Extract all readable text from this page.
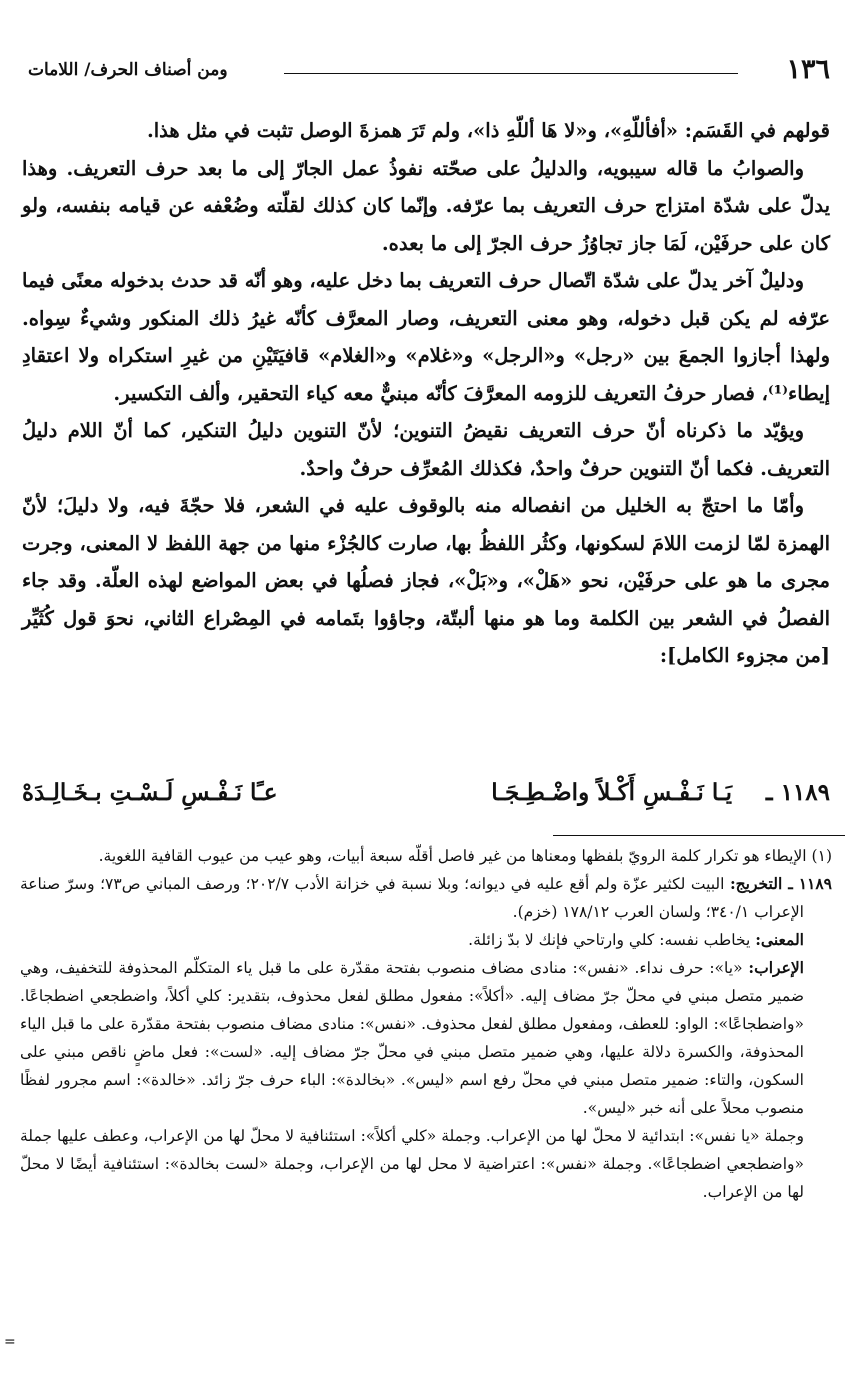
١٣٦
ومن أصناف الحرف/ اللامات

قولهم في القَسَم: «أفأللّهِ»، و«لا هَا أللّهِ ذا»، ولم تَرَ همزةَ الوصل تثبت في مثل هذا.

والصوابُ ما قاله سيبويه، والدليلُ على صحّته نفوذُ عمل الجارّ إلى ما بعد حرف التعريف. وهذا يدلّ على شدّة امتزاج حرف التعريف بما عرّفه. وإنّما كان كذلك لقلّته وضُعْفه عن قيامه بنفسه، ولو كان على حرفَيْن، لَمَا جاز تجاوُزُ حرف الجرّ إلى ما بعده.

ودليلٌ آخر يدلّ على شدّة اتّصال حرف التعريف بما دخل عليه، وهو أنّه قد حدث بدخوله معنًى فيما عرّفه لم يكن قبل دخوله، وهو معنى التعريف، وصار المعرَّف كأنّه غيرُ ذلك المنكور وشيءٌ سِواه. ولهذا أجازوا الجمعَ بين «رجل» و«الرجل» و«غلام» و«الغلام» قافيَتَيْنِ من غيرِ استكراه ولا اعتقادِ إيطاء⁽¹⁾، فصار حرفُ التعريف للزومه المعرَّفَ كأنّه مبنيٌّ معه كياء التحقير، وألف التكسير.

ويؤيّد ما ذكرناه أنّ حرف التعريف نقيضُ التنوين؛ لأنّ التنوين دليلُ التنكير، كما أنّ اللام دليلُ التعريف. فكما أنّ التنوين حرفٌ واحدٌ، فكذلك المُعرِّف حرفٌ واحدٌ.

وأمّا ما احتجّ به الخليل من انفصاله منه بالوقوف عليه في الشعر، فلا حجّةَ فيه، ولا دليلَ؛ لأنّ الهمزة لمّا لزمت اللامَ لسكونها، وكثُر اللفظُ بها، صارت كالجُزْء منها من جهة اللفظ لا المعنى، وجرت مجرى ما هو على حرفَيْن، نحو «هَلْ»، و«بَلْ»، فجاز فصلُها في بعض المواضع لهذه العلّة. وقد جاء الفصلُ في الشعر بين الكلمة وما هو منها ألبتّة، وجاؤوا بتَمامه في المِصْراع الثاني، نحوَ قول كُثَيِّر [من مجزوء الكامل]:

١١٨٩ ـ
يَـا نَـفْـسِ أَكْـلاً واضْـطِـجَـا
عـًا نَـفْـسِ لَـسْـتِ بـخَـالِـدَهْ

(١) الإيطاء هو تكرار كلمة الرويّ بلفظها ومعناها من غير فاصل أقلّه سبعة أبيات، وهو عيب من عيوب القافية اللغوية.

١١٨٩ ـ التخريج: البيت لكثير عزّة ولم أقع عليه في ديوانه؛ وبلا نسبة في خزانة الأدب ٢٠٢/٧؛ ورصف المباني ص٧٣؛ وسرّ صناعة الإعراب ٣٤٠/١؛ ولسان العرب ١٧٨/١٢ (خزم).

المعنى: يخاطب نفسه: كلي وارتاحي فإنك لا بدّ زائلة.

الإعراب: «يا»: حرف نداء. «نفس»: منادى مضاف منصوب بفتحة مقدّرة على ما قبل ياء المتكلّم المحذوفة للتخفيف، وهي ضمير متصل مبني في محلّ جرّ مضاف إليه. «أكلاً»: مفعول مطلق لفعل محذوف، بتقدير: كلي أكلاً، واضطجعي اضطجاعًا. «واضطجاعًا»: الواو: للعطف، ومفعول مطلق لفعل محذوف. «نفس»: منادى مضاف منصوب بفتحة مقدّرة على ما قبل الياء المحذوفة، والكسرة دلالة عليها، وهي ضمير متصل مبني في محلّ جرّ مضاف إليه. «لست»: فعل ماضٍ ناقص مبني على السكون، والتاء: ضمير متصل مبني في محلّ رفع اسم «ليس». «بخالدة»: الباء حرف جرّ زائد. «خالدة»: اسم مجرور لفظًا منصوب محلاً على أنه خبر «ليس».

وجملة «يا نفس»: ابتدائية لا محلّ لها من الإعراب. وجملة «كلي أكلاً»: استئنافية لا محلّ لها من الإعراب، وعطف عليها جملة «واضطجعي اضطجاعًا». وجملة «نفس»: اعتراضية لا محل لها من الإعراب، وجملة «لست بخالدة»: استئنافية أيضًا لا محلّ لها من الإعراب.

=
